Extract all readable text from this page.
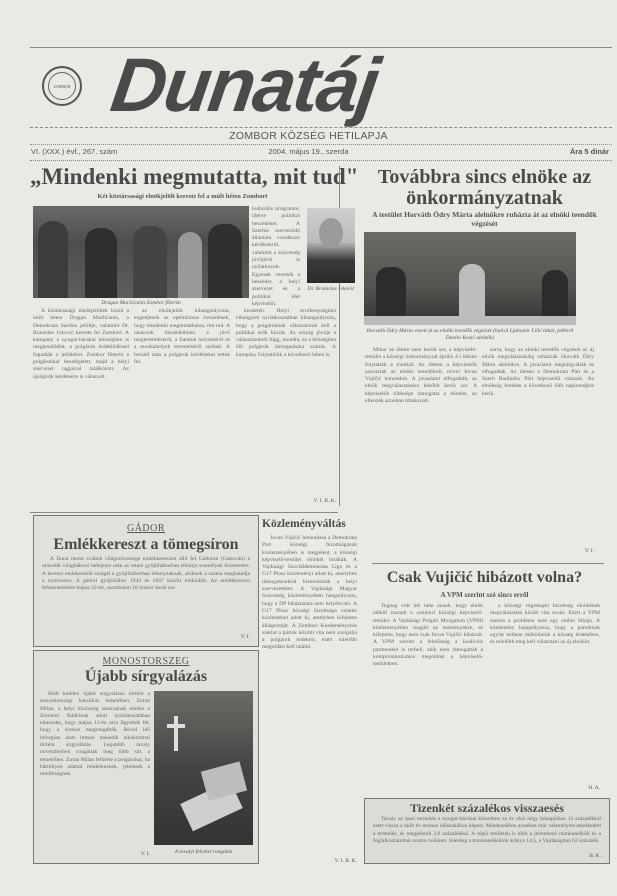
ZOMBOR Dunatáj
ZOMBOR KÖZSÉG HETILAPJA
VI. (XXX.) évf., 267. szám	2004. május 19., szerda	Ára 5 dinár
„Mindenki megmutatta, mit tud"
Két köztársasági elnökjelölt kereste fel a múlt héten Zombort
Dragan Maršićanin Zombor főterén
kulturális programot, illetve politikai beszédeket. A Szerbia szerveződő államára vonatkozó kérdésekről, valamint a szövetség jövőjéről is nyilatkozott. Egyesek vezették a beszédet, a helyi szervezet és a politikai élet képviselői.
Dr. Branislav Ivković

A köztársasági elnökjelöltek közül a múlt héten Dragan Maršićanin, a Demokrata Szerbia jelöltje, valamint Dr. Branislav Ivković kereste fel Zombort. A kampány a nyugat-bácskai községben is megkezdődött, a polgárok érdeklődéssel fogadták a jelölteket. Zombor főterén a polgárokkal beszélgetett, majd a helyi szervezet tagjaival találkozott. Az újságírók kérdéseire is válaszolt.

az elnökjelölt kihangsúlyozta, engedjenek az optimizmus övezetének, hogy mindenki megmutathassa, mit tud. A tanácsok beszédeikben a jövő megteremtéséről, a fiatalok helyzetéről és a munkahelyek teremtéséről szóltak. A beszéd után a polgárok kérdéseket tettek fel.

kezdetén. Helyi tevékenységben elhangzott nyilatkozatában kihangsúlyozta, hogy a polgároknak választaniuk kell a politikai erők között. Az ország jövője a választásoktól függ, mondta, és a községben élő polgárok támogatására számít. A kampány folytatódik a következő héten is.

V. I. B. K.
Továbbra sincs elnöke az önkormányzatnak
A testület Horváth Ódry Márta alelnökre ruházta át az elnöki teendők végzését
Horváth Ódry Márta vezeti át az elnöki teendők végzését (balról Ljubomir Lilić titkár, jobbról Danilo Kosić alelnök)

Mikor az ülésre nem került sor, a képviselő-testület a községi önkormányzat április 4-i ülésén folytatták a munkát. Az ülésen a képviselők szavaztak az elnöki teendőkről, mivel Jovan Vujičić lemondott. A javaslatot elfogadták, az elnök megválasztására később kerül sor. A képviselők többsége támogatta a döntést, az ellenzék azonban tiltakozott.

sorra, hogy az elnöki teendők végzését az új elnök megválasztásáig ruházzák Horváth Ódry Márta alelnökre. A javaslatot megtárgyalták és elfogadták. Az ülésen a Demokrata Párt és a Szerb Radikális Párt képviselői vitáztak. Az elnökség kérdése a következő ülés napirendjére kerül.

V. I.
GÁDOR
Emlékkereszt a tömegsíron

A Duna menti svábok világszövetsége emlékkeresztet állít fel Gádoron (Gakován) a második világháború befejezte után az ottani gyűjtőtáborban elhunyt személyek tiszteletére. A kereszt emlékezésül szolgál a gyűjtőtáborban elhunytaknak, akiknek a száma meghaladja a nyolcezret. A gádori gyűjtőtábor 1944 és 1947 között működött. Az emlékkereszt felszentelésére május 22-én, szombaton 10 órakor kerül sor.

V. I.
Közleményváltás

Jovan Vujičić lemondása a Demokrata Párt községi bizottságának közleményében is megjelent, a községi képviselő-testület elnökét bírálták. A Vajdasági Szociáldemokrata Liga és a G17 Plusz közleményt adott ki, amelyben támogatásukról biztosították a helyi szervezeteket. A Vajdasági Magyar Szövetség közleményében hangsúlyozta, hogy a DP hibáztatása nem helyénvaló. A G17 Plusz községi bizottsága szintén közleményt adott ki, amelyben kifejtette álláspontját. A Zombori Kezdeményezés szerint a pártok közötti vita nem szolgálja a polgárok érdekeit, ezért mielőbb megoldást kell találni.

V. I. B. K.
MONOSTORSZEG
Újabb sírgyalázás

Múlt kedden újabb sírgyalázás történt a monostorszegi katolikus temetőben. Zoran Milan, a helyi közösség tanácsának elnöke a Zombori Rádiónak adott nyilatkozatában elmondta, hogy május 11-én arra figyeltek fel, hogy a sírokat megrongálták. Rövid idő leforgása alatt immár második alkalommal történt sírgyalázás. Legutóbb tavaly novemberben rongáltak meg több sírt a temetőben. Zoran Milan felkérte a polgárokat, ha bármilyen adattal rendelkeznek, jelentsék a rendőrségnek.

V. I.	A tavalyi felvétel rongálás
Csak Vujičić hibázott volna?
A VPM szerint szó sincs erről

Tegnap volt két hete annak, hogy elnök nélkül maradt a zombori községi képviselő-testület. A Vajdasági Polgári Mozgalom (VPM) közleményében reagált az eseményekre, és kifejtette, hogy nem csak Jovan Vujičić hibázott. A VPM szerint a felelősség a koalíciós partnereket is terheli, akik nem támogatták a kompromisszumos megoldást a képviselő-testületben.

a községi végrehajtó bizottság elnökének megválasztása körüli vita során. Ezért a VPM szerint a probléma nem egy ember hibája. A közlemény hangsúlyozza, hogy a pártoknak együtt kellene működniük a község érdekében, és mielőbb meg kell választani az új elnököt.

H. A.
Tizenkét százalékos visszaesés

Tavaly az ipari termelés a nyugat-bácskai körzetben az év első négy hónapjában 12 százalékkal esett vissza a múlt év azonos időszakához képest. Mindezekben azonban már valamelyest emelkedett a termelés, és megjelenik 2,6 százalékkal. A régió területén is több a jelentkező munkanélküli és a foglalkoztatottak száma csökken. Jelenleg a munkanélküliek aránya 14,5, a Vajdaságban 62 százalék.

B. K.
